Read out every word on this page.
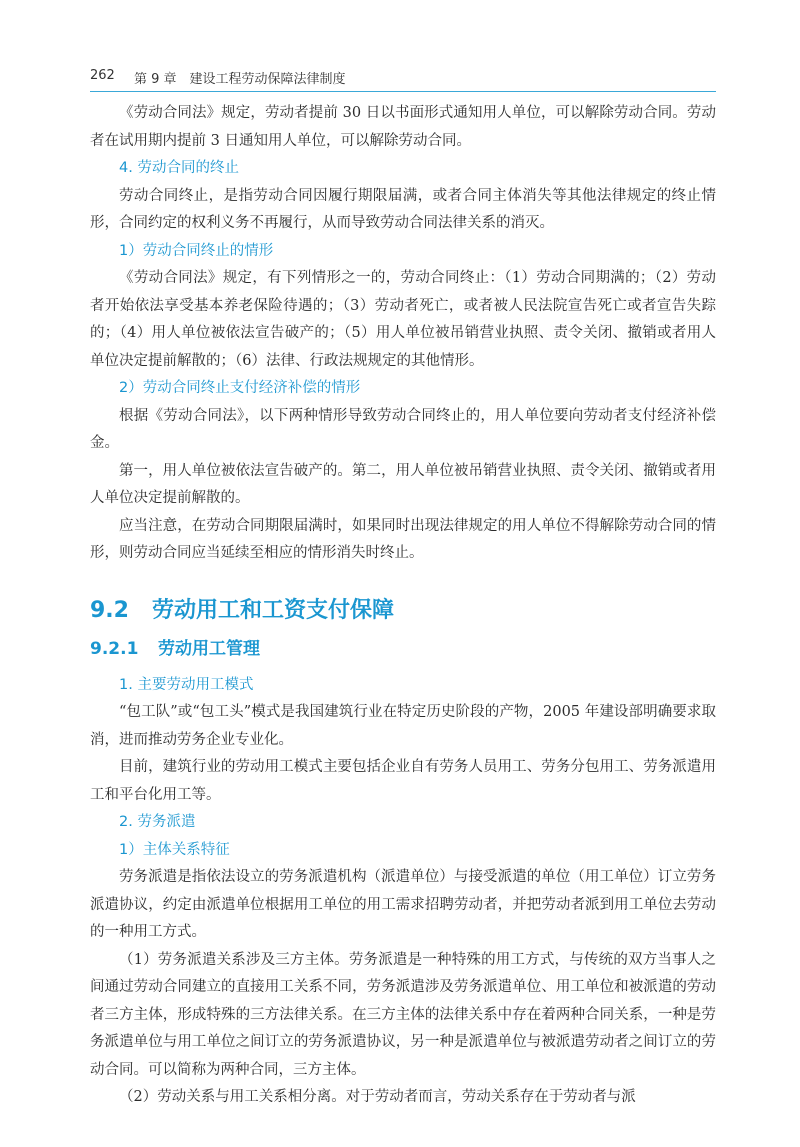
262 第 9 章　建设工程劳动保障法律制度

《劳动合同法》规定，劳动者提前 30 日以书面形式通知用人单位，可以解除劳动合同。劳动者在试用期内提前 3 日通知用人单位，可以解除劳动合同。

4. 劳动合同的终止

劳动合同终止，是指劳动合同因履行期限届满，或者合同主体消失等其他法律规定的终止情形，合同约定的权利义务不再履行，从而导致劳动合同法律关系的消灭。

1）劳动合同终止的情形

《劳动合同法》规定，有下列情形之一的，劳动合同终止：（1）劳动合同期满的；（2）劳动者开始依法享受基本养老保险待遇的；（3）劳动者死亡，或者被人民法院宣告死亡或者宣告失踪的；（4）用人单位被依法宣告破产的；（5）用人单位被吊销营业执照、责令关闭、撤销或者用人单位决定提前解散的；（6）法律、行政法规规定的其他情形。

2）劳动合同终止支付经济补偿的情形

根据《劳动合同法》，以下两种情形导致劳动合同终止的，用人单位要向劳动者支付经济补偿金。

第一，用人单位被依法宣告破产的。第二，用人单位被吊销营业执照、责令关闭、撤销或者用人单位决定提前解散的。

应当注意，在劳动合同期限届满时，如果同时出现法律规定的用人单位不得解除劳动合同的情形，则劳动合同应当延续至相应的情形消失时终止。

9.2 劳动用工和工资支付保障
9.2.1 劳动用工管理

1. 主要劳动用工模式

“包工队”或“包工头”模式是我国建筑行业在特定历史阶段的产物，2005 年建设部明确要求取消，进而推动劳务企业专业化。

目前，建筑行业的劳动用工模式主要包括企业自有劳务人员用工、劳务分包用工、劳务派遣用工和平台化用工等。

2. 劳务派遣

1）主体关系特征

劳务派遣是指依法设立的劳务派遣机构（派遣单位）与接受派遣的单位（用工单位）订立劳务派遣协议，约定由派遣单位根据用工单位的用工需求招聘劳动者，并把劳动者派到用工单位去劳动的一种用工方式。

（1）劳务派遣关系涉及三方主体。劳务派遣是一种特殊的用工方式，与传统的双方当事人之间通过劳动合同建立的直接用工关系不同，劳务派遣涉及劳务派遣单位、用工单位和被派遣的劳动者三方主体，形成特殊的三方法律关系。在三方主体的法律关系中存在着两种合同关系，一种是劳务派遣单位与用工单位之间订立的劳务派遣协议，另一种是派遣单位与被派遣劳动者之间订立的劳动合同。可以简称为两种合同，三方主体。

（2）劳动关系与用工关系相分离。对于劳动者而言，劳动关系存在于劳动者与派
